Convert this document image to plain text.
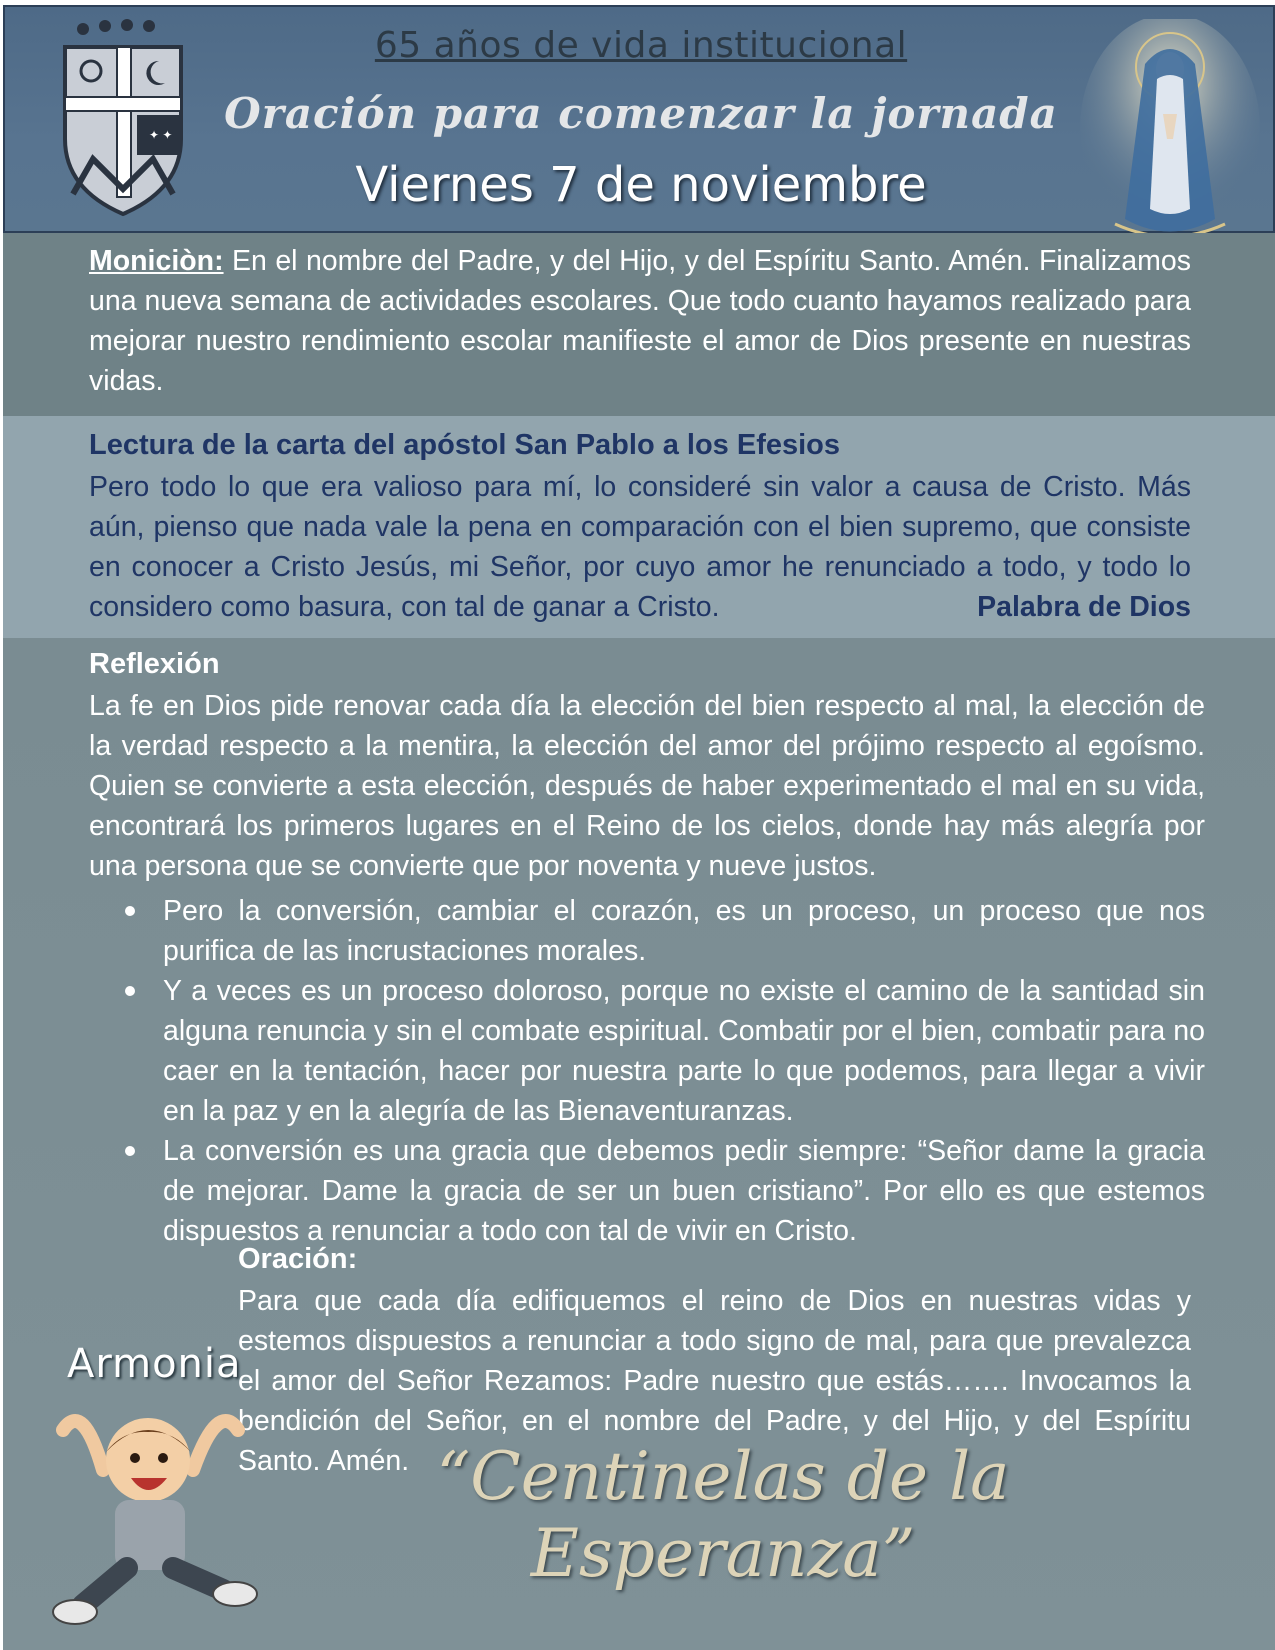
✦ ✦
65 años de vida institucional
Oración para comenzar la jornada
Viernes 7 de noviembre
Moniciòn: En el nombre del Padre, y del Hijo, y del Espíritu Santo. Amén. Finalizamos una nueva semana de actividades escolares. Que todo cuanto hayamos realizado para mejorar nuestro rendimiento escolar manifieste el amor de Dios presente en nuestras vidas.
Lectura de la carta del apóstol San Pablo a los Efesios
Pero todo lo que era valioso para mí, lo consideré sin valor a causa de Cristo. Más aún, pienso que nada vale la pena en comparación con el bien supremo, que consiste en conocer a Cristo Jesús, mi Señor, por cuyo amor he renunciado a todo, y todo lo considero como basura, con tal de ganar a Cristo.	Palabra de Dios
Reflexión
La fe en Dios pide renovar cada día la elección del bien respecto al mal, la elección de la verdad respecto a la mentira, la elección del amor del prójimo respecto al egoísmo. Quien se convierte a esta elección, después de haber experimentado el mal en su vida, encontrará los primeros lugares en el Reino de los cielos, donde hay más alegría por una persona que se convierte que por noventa y nueve justos.
Pero la conversión, cambiar el corazón, es un proceso, un proceso que nos purifica de las incrustaciones morales.
Y a veces es un proceso doloroso, porque no existe el camino de la santidad sin alguna renuncia y sin el combate espiritual. Combatir por el bien, combatir para no caer en la tentación, hacer por nuestra parte lo que podemos, para llegar a vivir en la paz y en la alegría de las Bienaventuranzas.
La conversión es una gracia que debemos pedir siempre: “Señor dame la gracia de mejorar. Dame la gracia de ser un buen cristiano”. Por ello es que estemos dispuestos a renunciar a todo con tal de vivir en Cristo.
Oración:
Para que cada día edifiquemos el reino de Dios en nuestras vidas y estemos dispuestos a renunciar a todo signo de mal, para que prevalezca el amor del Señor Rezamos: Padre nuestro que estás……. Invocamos la bendición del Señor, en el nombre del Padre, y del Hijo, y del Espíritu Santo. Amén.
Armonia
“Centinelas de la Esperanza”
